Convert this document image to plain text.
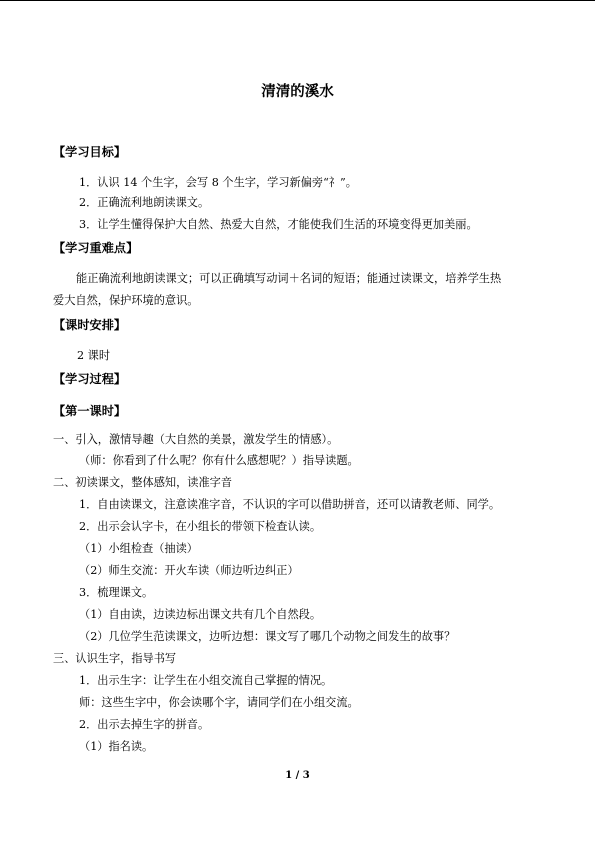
清清的溪水
【学习目标】
1．认识 14 个生字，会写 8 个生字，学习新偏旁“礻”。
2．正确流利地朗读课文。
3．让学生懂得保护大自然、热爱大自然，才能使我们生活的环境变得更加美丽。
【学习重难点】
能正确流利地朗读课文；可以正确填写动词＋名词的短语；能通过读课文，培养学生热
爱大自然，保护环境的意识。
【课时安排】
2 课时
【学习过程】
【第一课时】
一、引入，激情导趣（大自然的美景，激发学生的情感）。
（师：你看到了什么呢？你有什么感想呢？）指导读题。
二、初读课文，整体感知，读准字音
1．自由读课文，注意读准字音，不认识的字可以借助拼音，还可以请教老师、同学。
2．出示会认字卡，在小组长的带领下检查认读。
（1）小组检查（抽读）
（2）师生交流：开火车读（师边听边纠正）
3．梳理课文。
（1）自由读，边读边标出课文共有几个自然段。
（2）几位学生范读课文，边听边想：课文写了哪几个动物之间发生的故事？
三、认识生字，指导书写
1．出示生字：让学生在小组交流自己掌握的情况。
师：这些生字中，你会读哪个字，请同学们在小组交流。
2．出示去掉生字的拼音。
（1）指名读。
1 / 3
